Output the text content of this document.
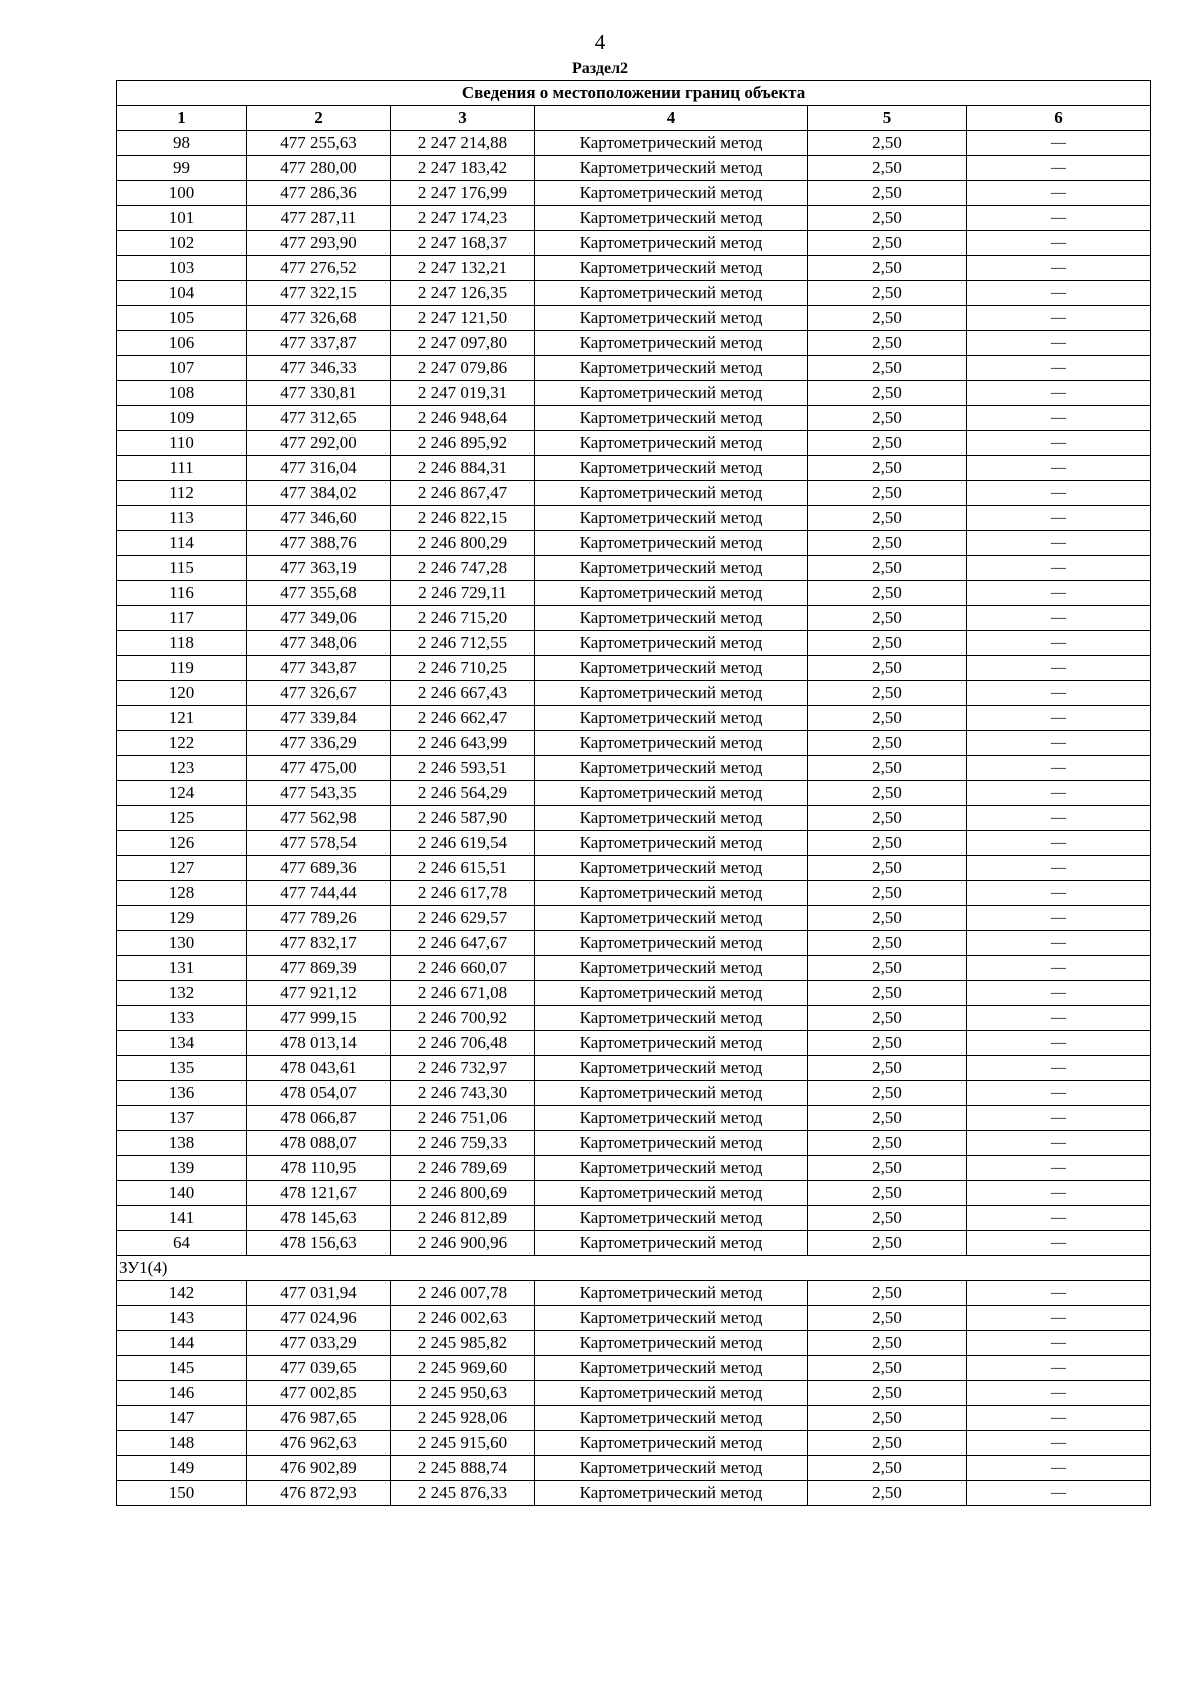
4
Раздел2
Сведения о местоположении границ объекта					
1	2	3	4	5	6
98	477 255,63	2 247 214,88	Картометрический метод	2,50	—
99	477 280,00	2 247 183,42	Картометрический метод	2,50	—
100	477 286,36	2 247 176,99	Картометрический метод	2,50	—
101	477 287,11	2 247 174,23	Картометрический метод	2,50	—
102	477 293,90	2 247 168,37	Картометрический метод	2,50	—
103	477 276,52	2 247 132,21	Картометрический метод	2,50	—
104	477 322,15	2 247 126,35	Картометрический метод	2,50	—
105	477 326,68	2 247 121,50	Картометрический метод	2,50	—
106	477 337,87	2 247 097,80	Картометрический метод	2,50	—
107	477 346,33	2 247 079,86	Картометрический метод	2,50	—
108	477 330,81	2 247 019,31	Картометрический метод	2,50	—
109	477 312,65	2 246 948,64	Картометрический метод	2,50	—
110	477 292,00	2 246 895,92	Картометрический метод	2,50	—
111	477 316,04	2 246 884,31	Картометрический метод	2,50	—
112	477 384,02	2 246 867,47	Картометрический метод	2,50	—
113	477 346,60	2 246 822,15	Картометрический метод	2,50	—
114	477 388,76	2 246 800,29	Картометрический метод	2,50	—
115	477 363,19	2 246 747,28	Картометрический метод	2,50	—
116	477 355,68	2 246 729,11	Картометрический метод	2,50	—
117	477 349,06	2 246 715,20	Картометрический метод	2,50	—
118	477 348,06	2 246 712,55	Картометрический метод	2,50	—
119	477 343,87	2 246 710,25	Картометрический метод	2,50	—
120	477 326,67	2 246 667,43	Картометрический метод	2,50	—
121	477 339,84	2 246 662,47	Картометрический метод	2,50	—
122	477 336,29	2 246 643,99	Картометрический метод	2,50	—
123	477 475,00	2 246 593,51	Картометрический метод	2,50	—
124	477 543,35	2 246 564,29	Картометрический метод	2,50	—
125	477 562,98	2 246 587,90	Картометрический метод	2,50	—
126	477 578,54	2 246 619,54	Картометрический метод	2,50	—
127	477 689,36	2 246 615,51	Картометрический метод	2,50	—
128	477 744,44	2 246 617,78	Картометрический метод	2,50	—
129	477 789,26	2 246 629,57	Картометрический метод	2,50	—
130	477 832,17	2 246 647,67	Картометрический метод	2,50	—
131	477 869,39	2 246 660,07	Картометрический метод	2,50	—
132	477 921,12	2 246 671,08	Картометрический метод	2,50	—
133	477 999,15	2 246 700,92	Картометрический метод	2,50	—
134	478 013,14	2 246 706,48	Картометрический метод	2,50	—
135	478 043,61	2 246 732,97	Картометрический метод	2,50	—
136	478 054,07	2 246 743,30	Картометрический метод	2,50	—
137	478 066,87	2 246 751,06	Картометрический метод	2,50	—
138	478 088,07	2 246 759,33	Картометрический метод	2,50	—
139	478 110,95	2 246 789,69	Картометрический метод	2,50	—
140	478 121,67	2 246 800,69	Картометрический метод	2,50	—
141	478 145,63	2 246 812,89	Картометрический метод	2,50	—
64	478 156,63	2 246 900,96	Картометрический метод	2,50	—
ЗУ1(4)					
142	477 031,94	2 246 007,78	Картометрический метод	2,50	—
143	477 024,96	2 246 002,63	Картометрический метод	2,50	—
144	477 033,29	2 245 985,82	Картометрический метод	2,50	—
145	477 039,65	2 245 969,60	Картометрический метод	2,50	—
146	477 002,85	2 245 950,63	Картометрический метод	2,50	—
147	476 987,65	2 245 928,06	Картометрический метод	2,50	—
148	476 962,63	2 245 915,60	Картометрический метод	2,50	—
149	476 902,89	2 245 888,74	Картометрический метод	2,50	—
150	476 872,93	2 245 876,33	Картометрический метод	2,50	—
